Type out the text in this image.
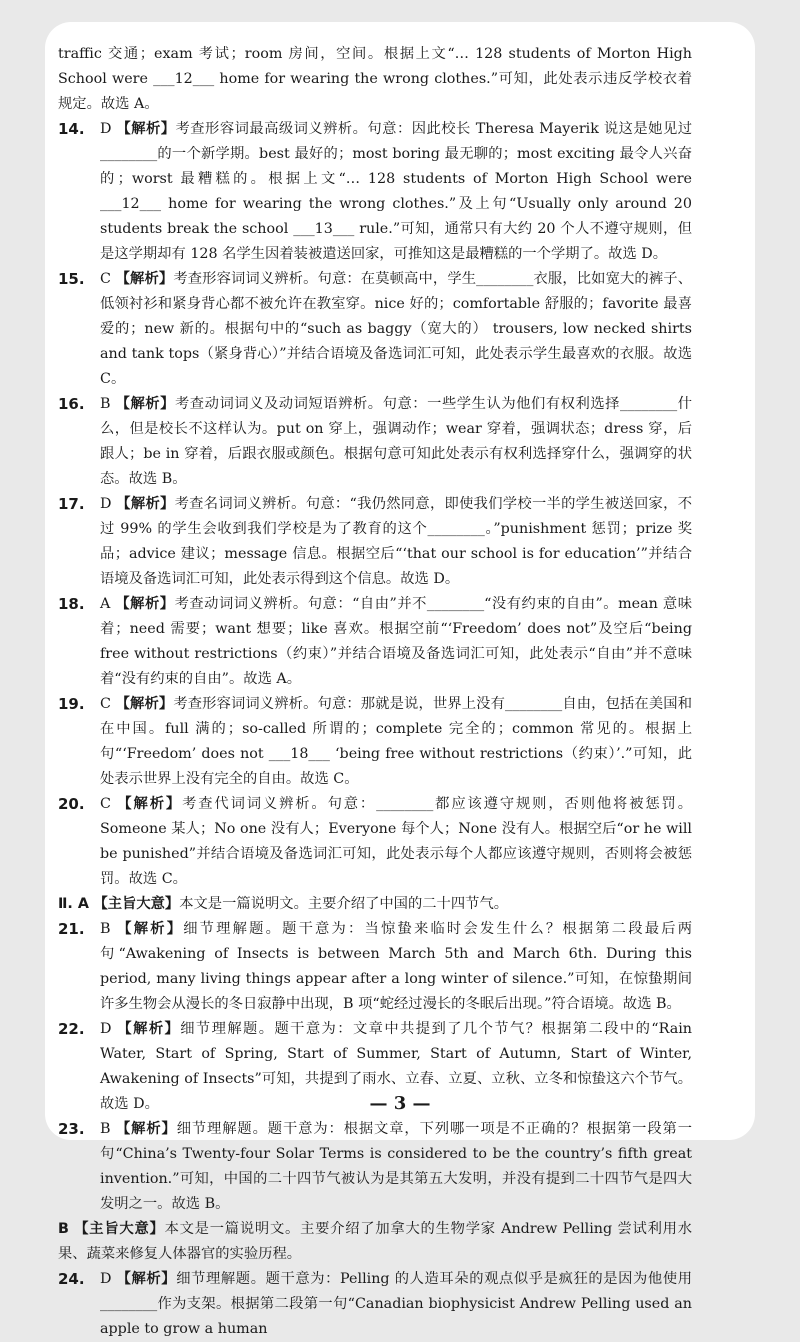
traffic 交通；exam 考试；room 房间，空间。根据上文“… 128 students of Morton High School were ___12___ home for wearing the wrong clothes.”可知，此处表示违反学校衣着规定。故选 A。
14. D 【解析】考查形容词最高级词义辨析。句意：因此校长 Theresa Mayerik 说这是她见过________的一个新学期。best 最好的；most boring 最无聊的；most exciting 最令人兴奋的；worst 最糟糕的。根据上文“… 128 students of Morton High School were ___12___ home for wearing the wrong clothes.”及上句“Usually only around 20 students break the school ___13___ rule.”可知，通常只有大约 20 个人不遵守规则，但是这学期却有 128 名学生因着装被遣送回家，可推知这是最糟糕的一个学期了。故选 D。
15. C 【解析】考查形容词词义辨析。句意：在莫顿高中，学生________衣服，比如宽大的裤子、低领衬衫和紧身背心都不被允许在教室穿。nice 好的；comfortable 舒服的；favorite 最喜爱的；new 新的。根据句中的“such as baggy（宽大的） trousers, low necked shirts and tank tops（紧身背心）”并结合语境及备选词汇可知，此处表示学生最喜欢的衣服。故选 C。
16. B 【解析】考查动词词义及动词短语辨析。句意：一些学生认为他们有权利选择________什么，但是校长不这样认为。put on 穿上，强调动作；wear 穿着，强调状态；dress 穿，后跟人；be in 穿着，后跟衣服或颜色。根据句意可知此处表示有权利选择穿什么，强调穿的状态。故选 B。
17. D 【解析】考查名词词义辨析。句意：“我仍然同意，即使我们学校一半的学生被送回家，不过 99% 的学生会收到我们学校是为了教育的这个________。”punishment 惩罚；prize 奖品；advice 建议；message 信息。根据空后“‘that our school is for education’”并结合语境及备选词汇可知，此处表示得到这个信息。故选 D。
18. A 【解析】考查动词词义辨析。句意：“自由”并不________“没有约束的自由”。mean 意味着；need 需要；want 想要；like 喜欢。根据空前“‘Freedom’ does not”及空后“being free without restrictions（约束）”并结合语境及备选词汇可知，此处表示“自由”并不意味着“没有约束的自由”。故选 A。
19. C 【解析】考查形容词词义辨析。句意：那就是说，世界上没有________自由，包括在美国和在中国。full 满的；so-called 所谓的；complete 完全的；common 常见的。根据上句“‘Freedom’ does not ___18___ ‘being free without restrictions（约束）’.”可知，此处表示世界上没有完全的自由。故选 C。
20. C 【解析】考查代词词义辨析。句意：________都应该遵守规则，否则他将被惩罚。Someone 某人；No one 没有人；Everyone 每个人；None 没有人。根据空后“or he will be punished”并结合语境及备选词汇可知，此处表示每个人都应该遵守规则，否则将会被惩罚。故选 C。
Ⅱ. A 【主旨大意】本文是一篇说明文。主要介绍了中国的二十四节气。
21. B 【解析】细节理解题。题干意为：当惊蛰来临时会发生什么？根据第二段最后两句“Awakening of Insects is between March 5th and March 6th. During this period, many living things appear after a long winter of silence.”可知，在惊蛰期间许多生物会从漫长的冬日寂静中出现，B 项“蛇经过漫长的冬眠后出现。”符合语境。故选 B。
22. D 【解析】细节理解题。题干意为：文章中共提到了几个节气？根据第二段中的“Rain Water, Start of Spring, Start of Summer, Start of Autumn, Start of Winter, Awakening of Insects”可知，共提到了雨水、立春、立夏、立秋、立冬和惊蛰这六个节气。故选 D。
23. B 【解析】细节理解题。题干意为：根据文章，下列哪一项是不正确的？根据第一段第一句“China’s Twenty-four Solar Terms is considered to be the country’s fifth great invention.”可知，中国的二十四节气被认为是其第五大发明，并没有提到二十四节气是四大发明之一。故选 B。
B 【主旨大意】本文是一篇说明文。主要介绍了加拿大的生物学家 Andrew Pelling 尝试利用水果、蔬菜来修复人体器官的实验历程。
24. D 【解析】细节理解题。题干意为：Pelling 的人造耳朵的观点似乎是疯狂的是因为他使用________作为支架。根据第二段第一句“Canadian biophysicist Andrew Pelling used an apple to grow a human
— 3 —
